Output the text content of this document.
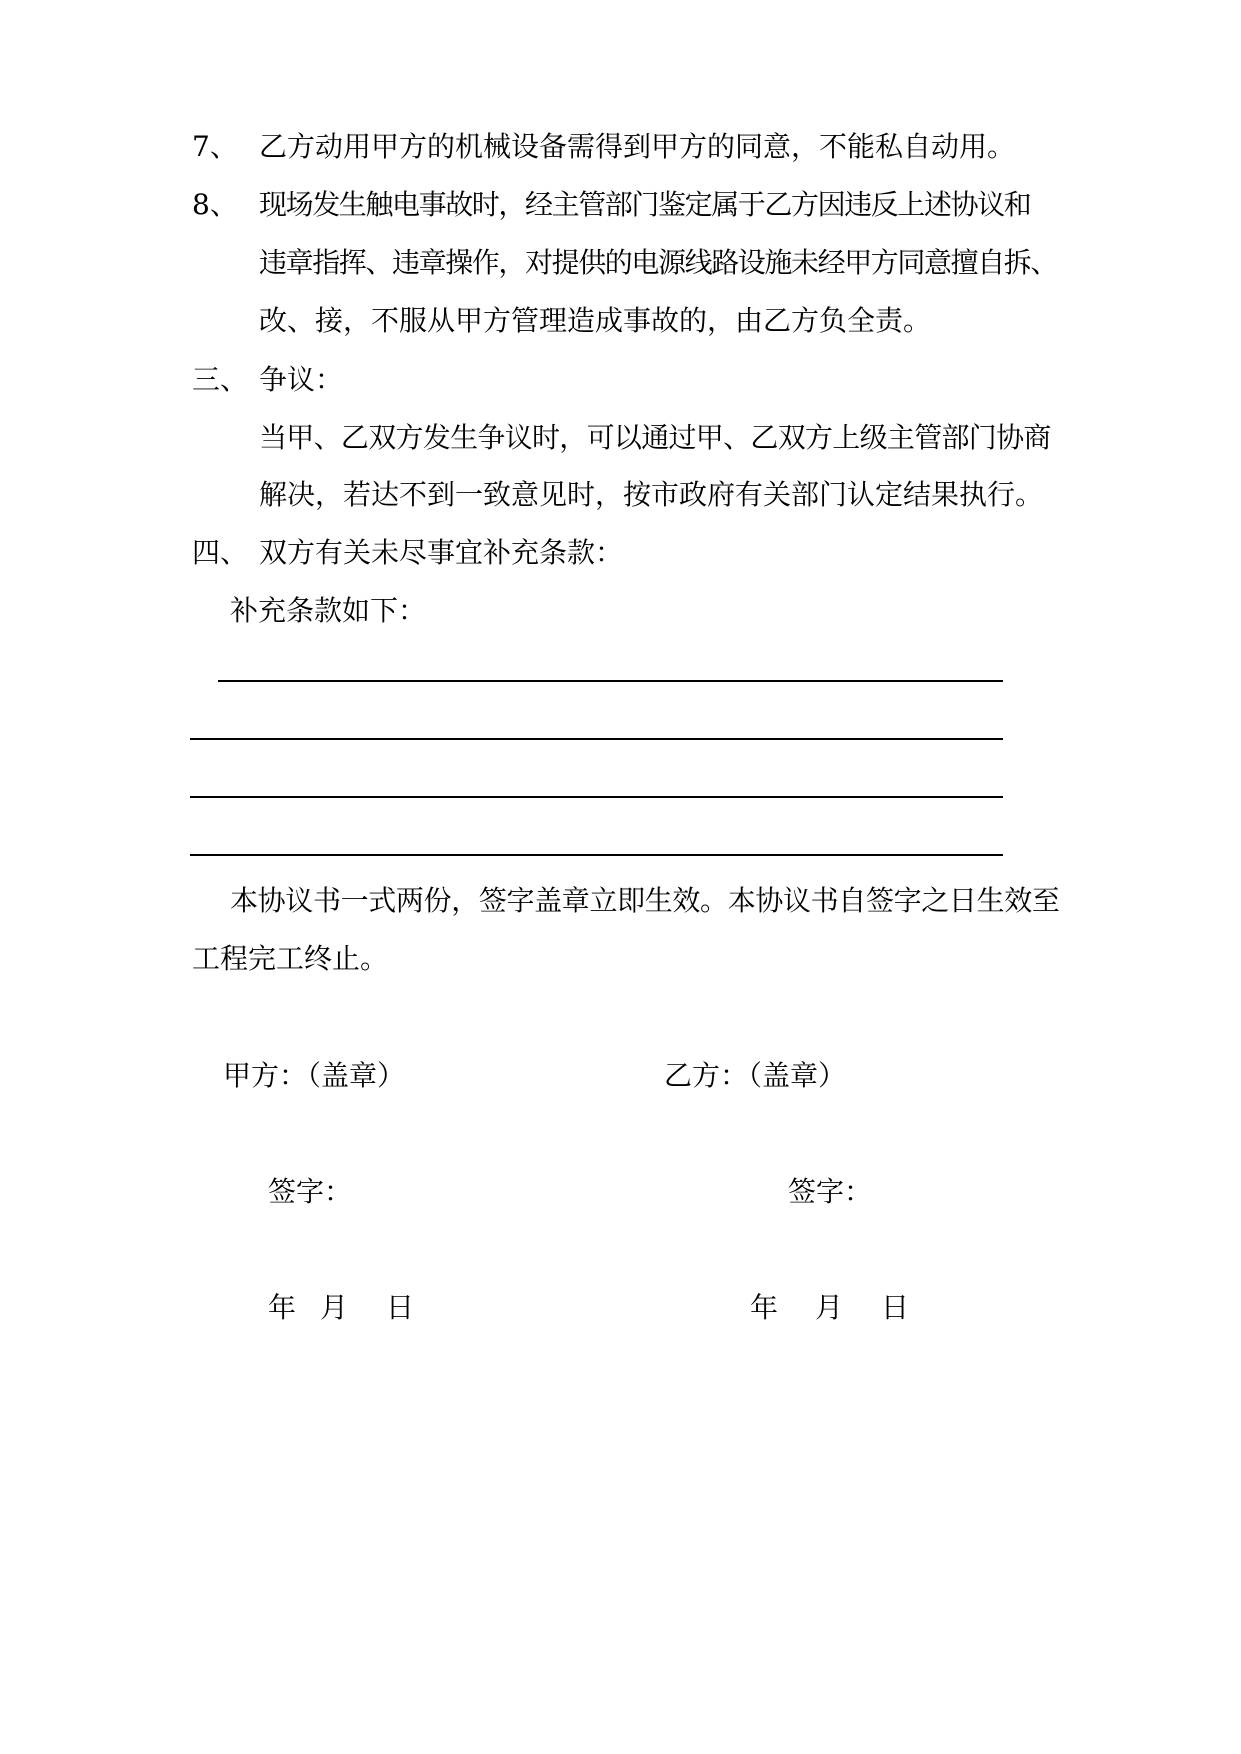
7、 乙方动用甲方的机械设备需得到甲方的同意，不能私自动用。
8、 现场发生触电事故时，经主管部门鉴定属于乙方因违反上述协议和
违章指挥、违章操作，对提供的电源线路设施未经甲方同意擅自拆、
改、接，不服从甲方管理造成事故的，由乙方负全责。
三、 争议：
当甲、乙双方发生争议时，可以通过甲、乙双方上级主管部门协商
解决，若达不到一致意见时，按市政府有关部门认定结果执行。
四、 双方有关未尽事宜补充条款：
补充条款如下：
本协议书一式两份，签字盖章立即生效。本协议书自签字之日生效至
工程完工终止。
甲方：（盖章）
签字：
年 月 日
乙方：（盖章）
签字：
年 月 日
